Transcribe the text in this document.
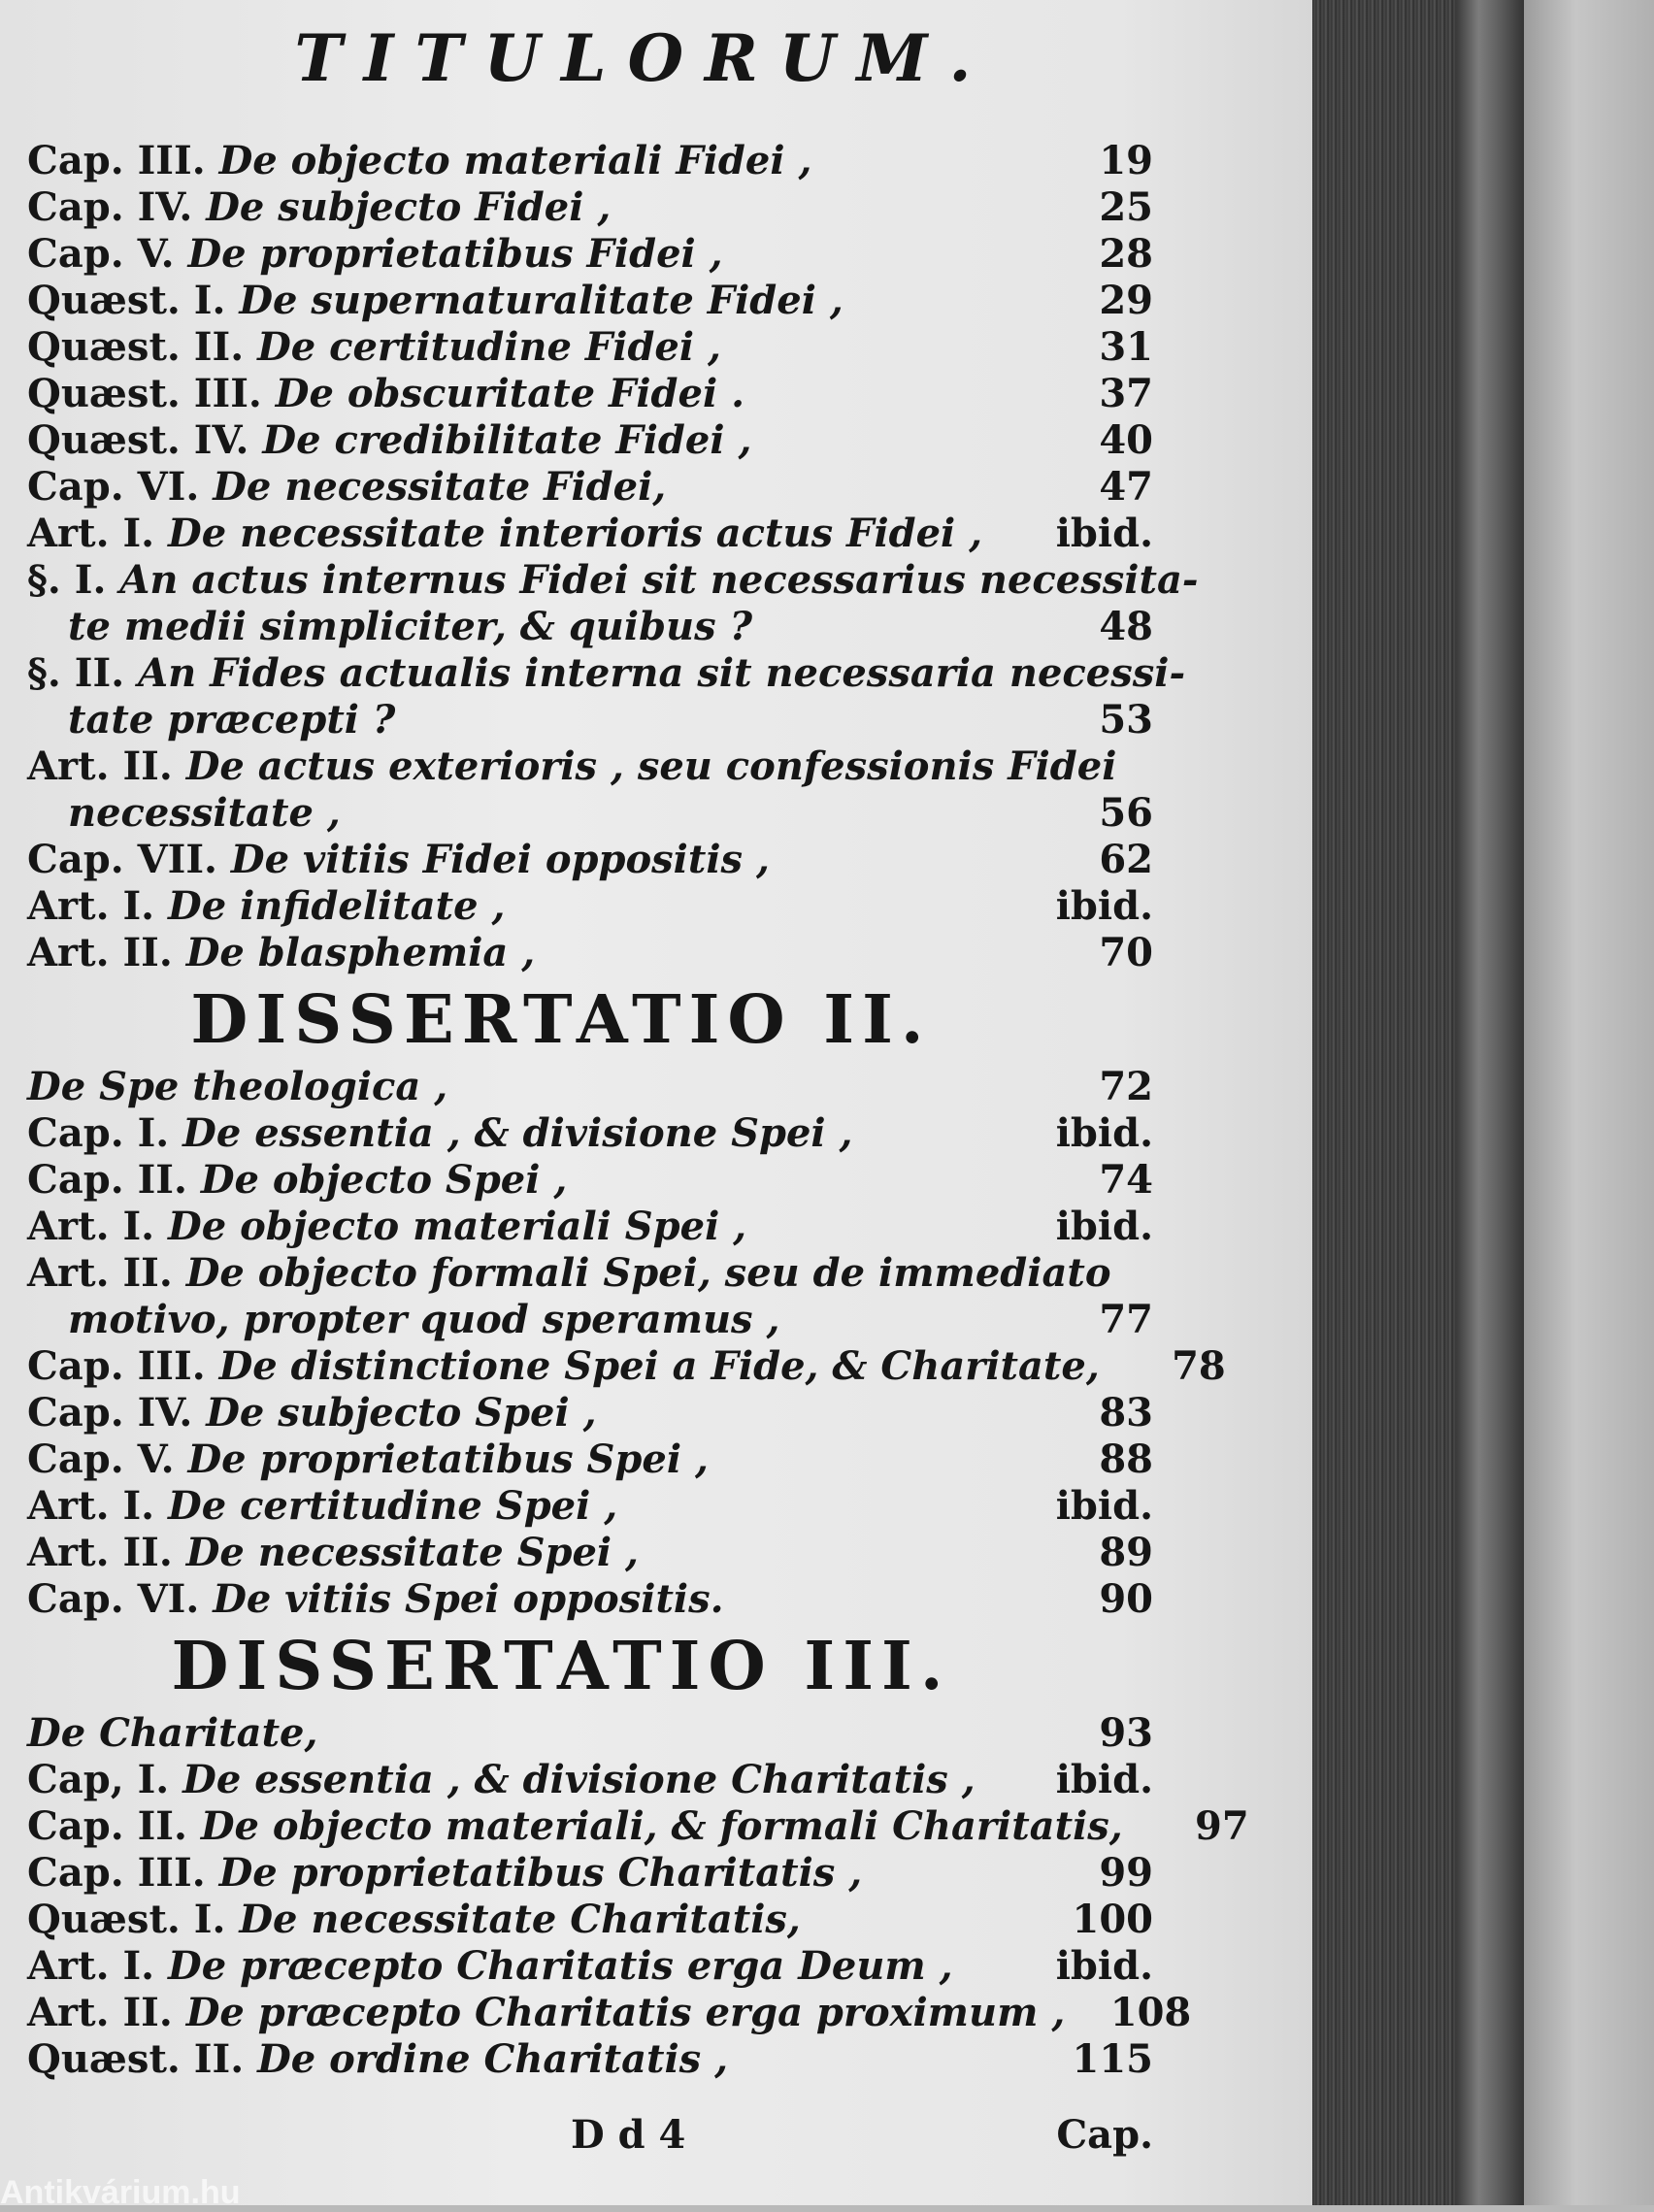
TITULORUM.
Cap. III. De objecto materiali Fidei ,	19
Cap. IV. De subjecto Fidei ,	25
Cap. V. De proprietatibus Fidei ,	28
Quæst. I. De supernaturalitate Fidei ,	29
Quæst. II. De certitudine Fidei ,	31
Quæst. III. De obscuritate Fidei .	37
Quæst. IV. De credibilitate Fidei ,	40
Cap. VI. De necessitate Fidei,	47
Art. I. De necessitate interioris actus Fidei ,	ibid.
§. I. An actus internus Fidei sit necessarius necessita-
te medii simpliciter, & quibus ?	48
§. II. An Fides actualis interna sit necessaria necessi-
tate præcepti ?	53
Art. II. De actus exterioris , seu confessionis Fidei
necessitate ,	56
Cap. VII. De vitiis Fidei oppositis ,	62
Art. I. De infidelitate ,	ibid.
Art. II. De blasphemia ,	70
DISSERTATIO II.
De Spe theologica ,	72
Cap. I. De essentia , & divisione Spei ,	ibid.
Cap. II. De objecto Spei ,	74
Art. I. De objecto materiali Spei ,	ibid.
Art. II. De objecto formali Spei, seu de immediato
motivo, propter quod speramus ,	77
Cap. III. De distinctione Spei a Fide, & Charitate,	78
Cap. IV. De subjecto Spei ,	83
Cap. V. De proprietatibus Spei ,	88
Art. I. De certitudine Spei ,	ibid.
Art. II. De necessitate Spei ,	89
Cap. VI. De vitiis Spei oppositis.	90
DISSERTATIO III.
De Charitate,	93
Cap, I. De essentia , & divisione Charitatis ,	ibid.
Cap. II. De objecto materiali, & formali Charitatis,	97
Cap. III. De proprietatibus Charitatis ,	99
Quæst. I. De necessitate Charitatis,	100
Art. I. De præcepto Charitatis erga Deum ,	ibid.
Art. II. De præcepto Charitatis erga proximum ,	108
Quæst. II. De ordine Charitatis ,	115
D d 4	Cap.
Antikvárium.hu
